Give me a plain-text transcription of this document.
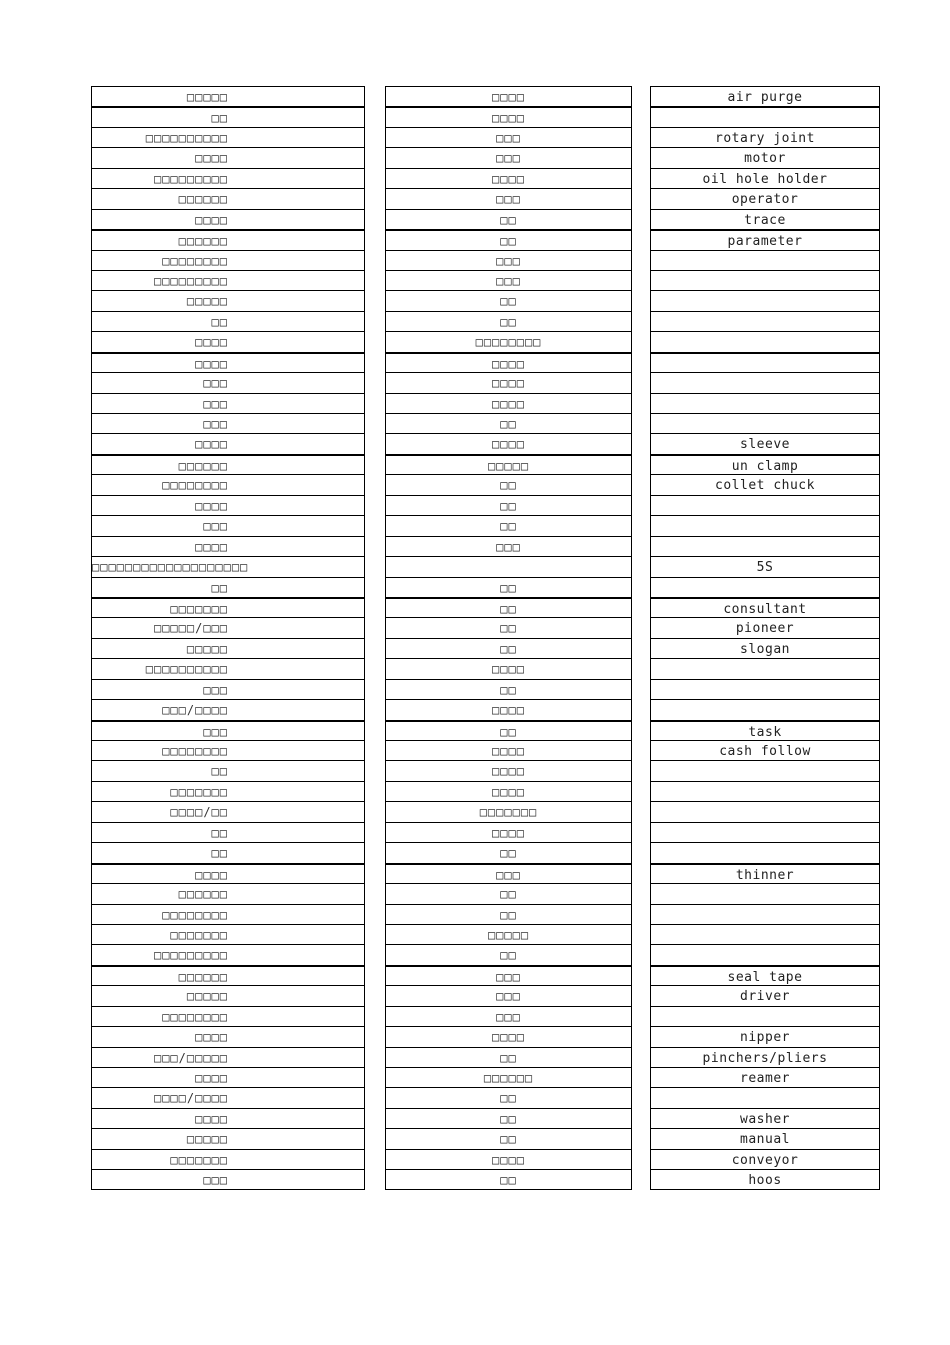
□□□□□
□□
□□□□□□□□□□
□□□□
□□□□□□□□□
□□□□□□
□□□□
□□□□□□
□□□□□□□□
□□□□□□□□□
□□□□□
□□
□□□□
□□□□
□□□
□□□
□□□
□□□□
□□□□□□
□□□□□□□□
□□□□
□□□
□□□□
□□□□□□□□□□□□□□□□□□□
□□
□□□□□□□
□□□□□/□□□
□□□□□
□□□□□□□□□□
□□□
□□□/□□□□
□□□
□□□□□□□□
□□
□□□□□□□
□□□□/□□
□□
□□
□□□□
□□□□□□
□□□□□□□□
□□□□□□□
□□□□□□□□□
□□□□□□
□□□□□
□□□□□□□□
□□□□
□□□/□□□□□
□□□□
□□□□/□□□□
□□□□
□□□□□
□□□□□□□
□□□
□□□□
□□□□
□□□
□□□
□□□□
□□□
□□
□□
□□□
□□□
□□
□□
□□□□□□□□
□□□□
□□□□
□□□□
□□
□□□□
□□□□□
□□
□□
□□
□□□
□□
□□
□□
□□
□□□□
□□
□□□□
□□
□□□□
□□□□
□□□□
□□□□□□□
□□□□
□□
□□□
□□
□□
□□□□□
□□
□□□
□□□
□□□
□□□□
□□
□□□□□□
□□
□□
□□
□□□□
□□
air purge
rotary joint
motor
oil hole holder
operator
trace
parameter
sleeve
un clamp
collet chuck
5S
consultant
pioneer
slogan
task
cash follow
thinner
seal tape
driver
nipper
pinchers/pliers
reamer
washer
manual
conveyor
hoos
